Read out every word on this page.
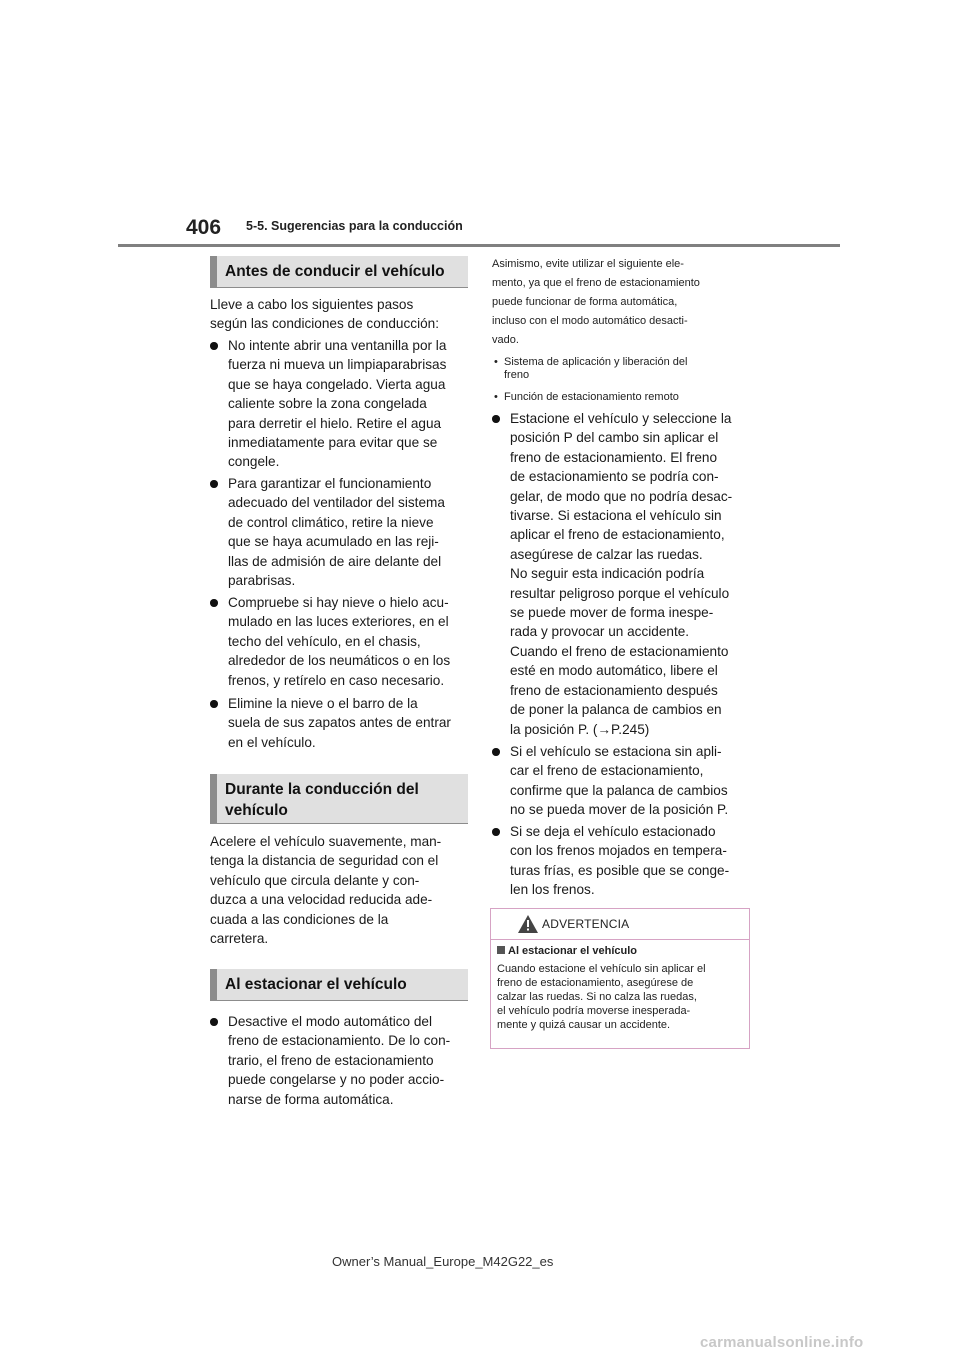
406 5-5. Sugerencias para la conducción
Antes de conducir el vehículo
Lleve a cabo los siguientes pasos
según las condiciones de conducción:
No intente abrir una ventanilla por la
fuerza ni mueva un limpiaparabrisas
que se haya congelado. Vierta agua
caliente sobre la zona congelada
para derretir el hielo. Retire el agua
inmediatamente para evitar que se
congele.
Para garantizar el funcionamiento
adecuado del ventilador del sistema
de control climático, retire la nieve
que se haya acumulado en las reji-
llas de admisión de aire delante del
parabrisas.
Compruebe si hay nieve o hielo acu-
mulado en las luces exteriores, en el
techo del vehículo, en el chasis,
alrededor de los neumáticos o en los
frenos, y retírelo en caso necesario.
Elimine la nieve o el barro de la
suela de sus zapatos antes de entrar
en el vehículo.
Durante la conducción del
vehículo
Acelere el vehículo suavemente, man-
tenga la distancia de seguridad con el
vehículo que circula delante y con-
duzca a una velocidad reducida ade-
cuada a las condiciones de la
carretera.
Al estacionar el vehículo
Desactive el modo automático del
freno de estacionamiento. De lo con-
trario, el freno de estacionamiento
puede congelarse y no poder accio-
narse de forma automática.
Asimismo, evite utilizar el siguiente ele-
mento, ya que el freno de estacionamiento
puede funcionar de forma automática,
incluso con el modo automático desacti-
vado.
• Sistema de aplicación y liberación del
freno
• Función de estacionamiento remoto
Estacione el vehículo y seleccione la
posición P del cambo sin aplicar el
freno de estacionamiento. El freno
de estacionamiento se podría con-
gelar, de modo que no podría desac-
tivarse. Si estaciona el vehículo sin
aplicar el freno de estacionamiento,
asegúrese de calzar las ruedas.
No seguir esta indicación podría
resultar peligroso porque el vehículo
se puede mover de forma inespe-
rada y provocar un accidente.
Cuando el freno de estacionamiento
esté en modo automático, libere el
freno de estacionamiento después
de poner la palanca de cambios en
la posición P. (→P.245)
Si el vehículo se estaciona sin apli-
car el freno de estacionamiento,
confirme que la palanca de cambios
no se pueda mover de la posición P.
Si se deja el vehículo estacionado
con los frenos mojados en tempera-
turas frías, es posible que se conge-
len los frenos.
ADVERTENCIA
Al estacionar el vehículo
Cuando estacione el vehículo sin aplicar el
freno de estacionamiento, asegúrese de
calzar las ruedas. Si no calza las ruedas,
el vehículo podría moverse inesperada-
mente y quizá causar un accidente.
Owner’s Manual_Europe_M42G22_es
carmanualsonline.info
